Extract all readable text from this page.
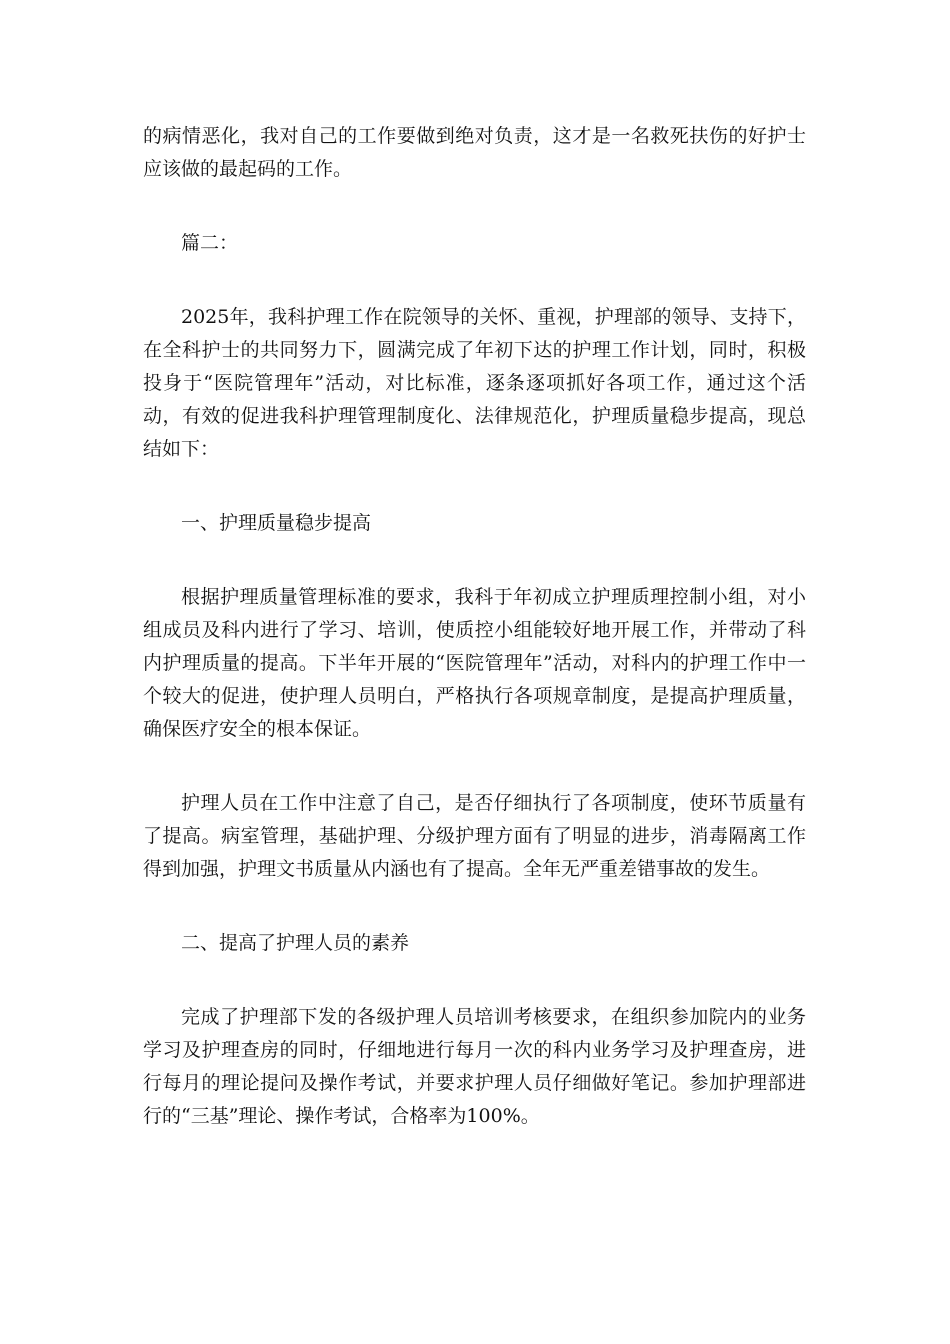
的病情恶化，我对自己的工作要做到绝对负责，这才是一名救死扶伤的好护士应该做的最起码的工作。

篇二：

2025年，我科护理工作在院领导的关怀、重视，护理部的领导、支持下，在全科护士的共同努力下，圆满完成了年初下达的护理工作计划，同时，积极投身于“医院管理年”活动，对比标准，逐条逐项抓好各项工作，通过这个活动，有效的促进我科护理管理制度化、法律规范化，护理质量稳步提高，现总结如下：

一、护理质量稳步提高

根据护理质量管理标准的要求，我科于年初成立护理质理控制小组，对小组成员及科内进行了学习、培训，使质控小组能较好地开展工作，并带动了科内护理质量的提高。下半年开展的“医院管理年”活动，对科内的护理工作中一个较大的促进，使护理人员明白，严格执行各项规章制度，是提高护理质量，确保医疗安全的根本保证。

护理人员在工作中注意了自己，是否仔细执行了各项制度，使环节质量有了提高。病室管理，基础护理、分级护理方面有了明显的进步，消毒隔离工作得到加强，护理文书质量从内涵也有了提高。全年无严重差错事故的发生。

二、提高了护理人员的素养

完成了护理部下发的各级护理人员培训考核要求，在组织参加院内的业务学习及护理查房的同时，仔细地进行每月一次的科内业务学习及护理查房，进行每月的理论提问及操作考试，并要求护理人员仔细做好笔记。参加护理部进行的“三基”理论、操作考试，合格率为100%。
